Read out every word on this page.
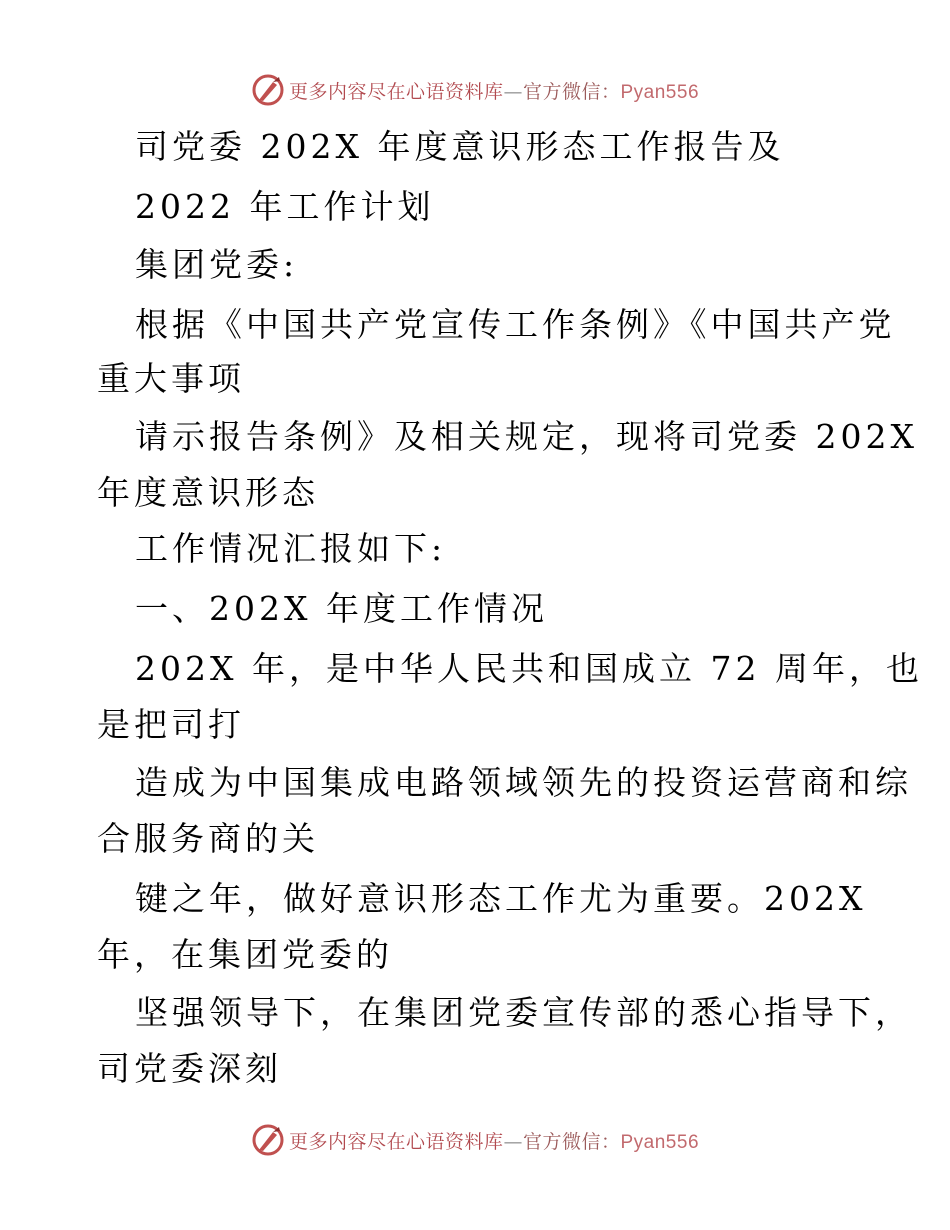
更多内容尽在心语资料库—官方微信：Pyan556
司党委 202X 年度意识形态工作报告及
2022 年工作计划
集团党委:
根据《中国共产党宣传工作条例》《中国共产党
重大事项
请示报告条例》及相关规定，现将司党委 202X
年度意识形态
工作情况汇报如下:
一、202X 年度工作情况
202X 年，是中华人民共和国成立 72 周年，也
是把司打
造成为中国集成电路领域领先的投资运营商和综
合服务商的关
键之年，做好意识形态工作尤为重要。202X
年，在集团党委的
坚强领导下，在集团党委宣传部的悉心指导下，
司党委深刻
更多内容尽在心语资料库—官方微信：Pyan556
